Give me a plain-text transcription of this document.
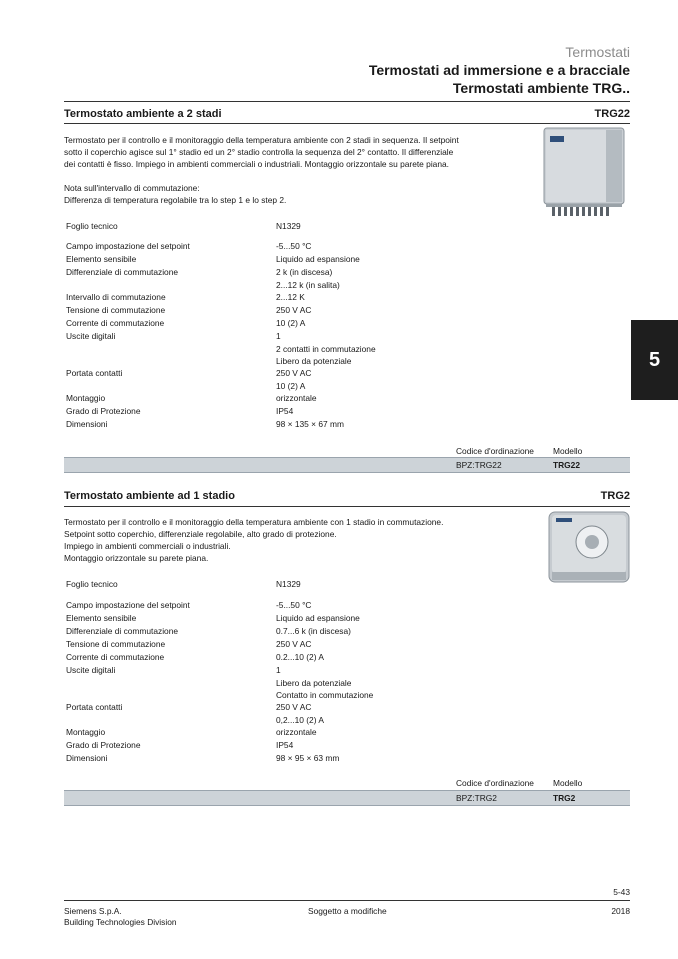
Termostati
Termostati ad immersione e a bracciale
Termostati ambiente TRG..
5
Termostato ambiente a 2 stadi	TRG22
Termostato per il controllo e il monitoraggio della temperatura ambiente con 2 stadi in sequenza. Il setpoint
sotto il coperchio agisce sul 1° stadio ed un 2° stadio controlla la sequenza del 2° contatto. Il differenziale
dei contatti è fisso. Impiego in ambienti commerciali o industriali. Montaggio orizzontale su parete piana.
Nota sull'intervallo di commutazione:
Differenza di temperatura regolabile tra lo step 1 e lo step 2.
Foglio tecnico	N1329
Campo impostazione del setpoint	-5...50 °C
Elemento sensibile	Liquido ad espansione
Differenziale di commutazione	2 k (in discesa)
2...12 k (in salita)
Intervallo di commutazione	2...12 K
Tensione di commutazione	250 V AC
Corrente di commutazione	10 (2) A
Uscite digitali	1
2 contatti in commutazione
Libero da potenziale
Portata contatti	250 V AC
10 (2) A
Montaggio	orizzontale
Grado di Protezione	IP54
Dimensioni	98 × 135 × 67 mm
Codice d'ordinazione Modello
BPZ:TRG22	TRG22
Termostato ambiente ad 1 stadio	TRG2
Termostato per il controllo e il monitoraggio della temperatura ambiente con 1 stadio in commutazione.
Setpoint sotto coperchio, differenziale regolabile, alto grado di protezione.
Impiego in ambienti commerciali o industriali.
Montaggio orizzontale su parete piana.
Foglio tecnico	N1329
Campo impostazione del setpoint	-5...50 °C
Elemento sensibile	Liquido ad espansione
Differenziale di commutazione	0.7...6 k (in discesa)
Tensione di commutazione	250 V AC
Corrente di commutazione	0.2...10 (2) A
Uscite digitali	1
Libero da potenziale
Contatto in commutazione
Portata contatti	250 V AC
0,2...10 (2) A
Montaggio	orizzontale
Grado di Protezione	IP54
Dimensioni	98 × 95 × 63 mm
Codice d'ordinazione Modello
BPZ:TRG2	TRG2
5-43
Siemens S.p.A.
Building Technologies Division
Soggetto a modifiche	2018
